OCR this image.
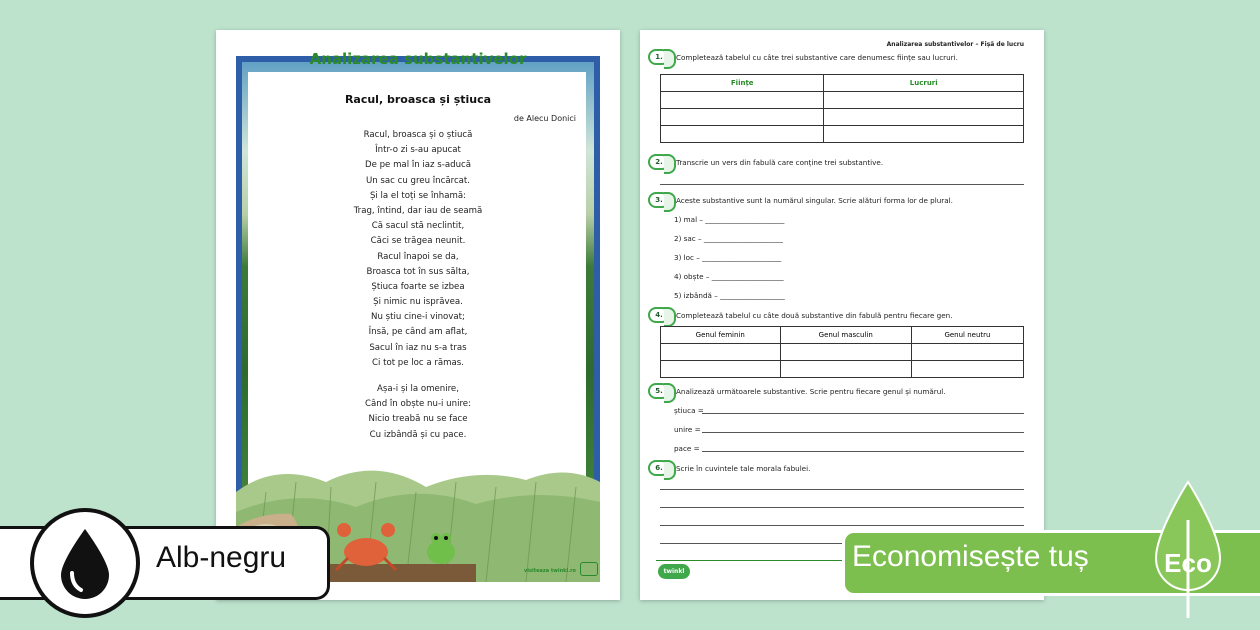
Analizarea substantivelor
Racul, broasca și știuca
de Alecu Donici
Racul, broasca și o știucă
Într-o zi s-au apucat
De pe mal în iaz s-aducă
Un sac cu greu încărcat.
Și la el toți se înhamă:
Trag, întind, dar iau de seamă
Că sacul stă neclintit,
Căci se trăgea neunit.
Racul înapoi se da,
Broasca tot în sus sălta,
Știuca foarte se izbea
Și nimic nu isprăvea.
Nu știu cine-i vinovat;
Însă, pe când am aflat,
Sacul în iaz nu s-a tras
Ci tot pe loc a rămas.
Așa-i și la omenire,
Când în obște nu-i unire:
Nicio treabă nu se face
Cu izbândă și cu pace.
visiteaza twinkl.ro
Analizarea substantivelor – Fișă de lucru
1.	Completează tabelul cu câte trei substantive care denumesc ființe sau lucruri.
Ființe	Lucruri

2.	Transcrie un vers din fabulă care conține trei substantive.
3.	Aceste substantive sunt la numărul singular. Scrie alături forma lor de plural.
1) mal – ______________________
2) sac – ______________________
3) loc – ______________________
4) obște – ____________________
5) izbândă – __________________
4.	Completează tabelul cu câte două substantive din fabulă pentru fiecare gen.
Genul feminin	Genul masculin	Genul neutru

5.	Analizează următoarele substantive. Scrie pentru fiecare genul și numărul.
știuca =
unire =
pace =
6.	Scrie în cuvintele tale morala fabulei.
twinkl
Alb-negru	Economisește tuș	Eco
